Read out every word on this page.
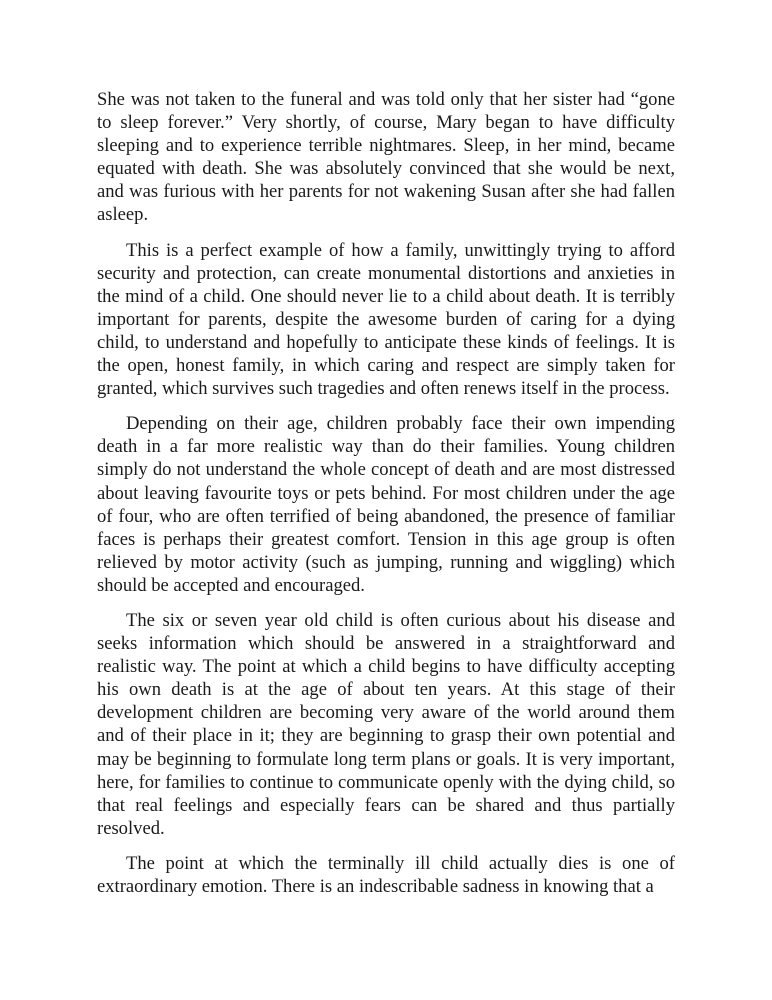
She was not taken to the funeral and was told only that her sister had “gone to sleep forever.” Very shortly, of course, Mary began to have difficulty sleeping and to experience terrible nightmares. Sleep, in her mind, became equated with death. She was absolutely convinced that she would be next, and was furious with her parents for not wakening Susan after she had fallen asleep.

This is a perfect example of how a family, unwittingly trying to afford security and protection, can create monumental distortions and anxieties in the mind of a child. One should never lie to a child about death. It is terribly important for parents, despite the awesome burden of caring for a dying child, to understand and hopefully to anticipate these kinds of feelings. It is the open, honest family, in which caring and respect are simply taken for granted, which survives such tragedies and often renews itself in the process.

Depending on their age, children probably face their own impending death in a far more realistic way than do their families. Young children simply do not understand the whole concept of death and are most distressed about leaving favourite toys or pets behind. For most children under the age of four, who are often terrified of being abandoned, the presence of familiar faces is perhaps their greatest comfort. Tension in this age group is often relieved by motor activity (such as jumping, running and wiggling) which should be accepted and encouraged.

The six or seven year old child is often curious about his disease and seeks information which should be answered in a straightforward and realistic way. The point at which a child begins to have difficulty accepting his own death is at the age of about ten years. At this stage of their development children are becoming very aware of the world around them and of their place in it; they are beginning to grasp their own potential and may be beginning to formulate long term plans or goals. It is very important, here, for families to continue to communicate openly with the dying child, so that real feelings and especially fears can be shared and thus partially resolved.

The point at which the terminally ill child actually dies is one of extraordinary emotion. There is an indescribable sadness in knowing that a
